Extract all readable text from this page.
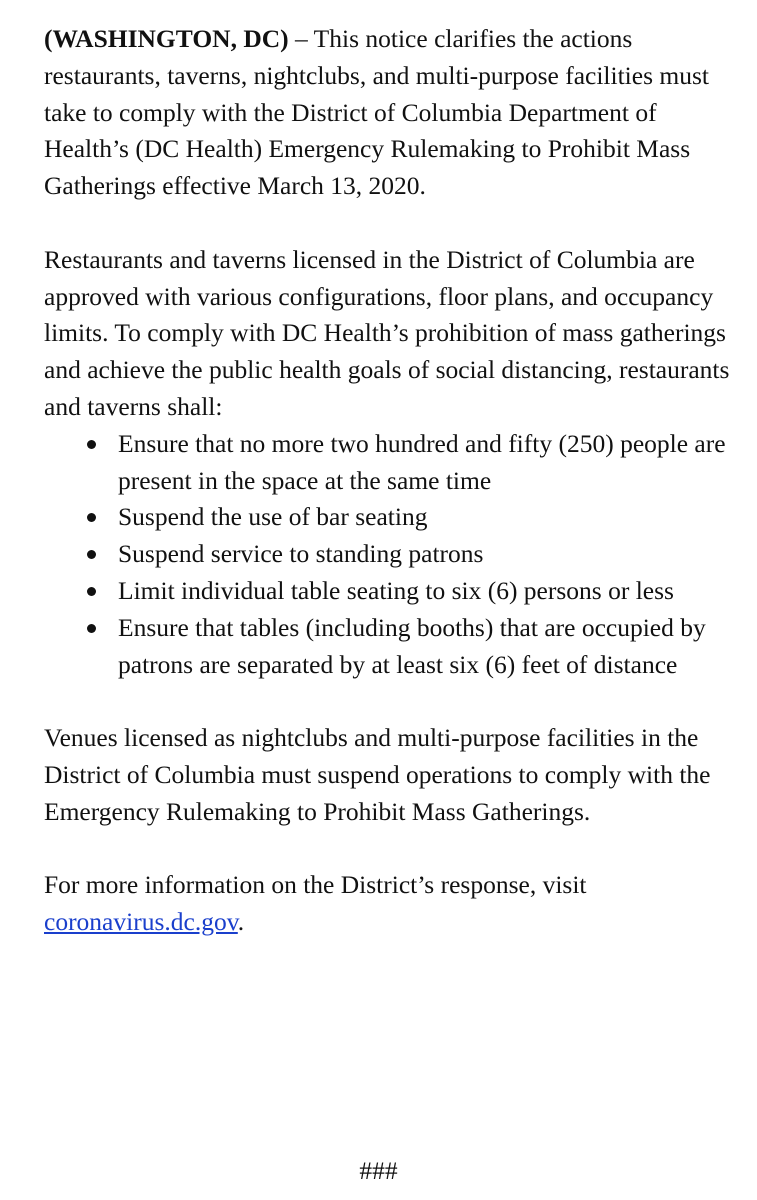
(WASHINGTON, DC) – This notice clarifies the actions restaurants, taverns, nightclubs, and multi-purpose facilities must take to comply with the District of Columbia Department of Health’s (DC Health) Emergency Rulemaking to Prohibit Mass Gatherings effective March 13, 2020.

Restaurants and taverns licensed in the District of Columbia are approved with various configurations, floor plans, and occupancy limits. To comply with DC Health’s prohibition of mass gatherings and achieve the public health goals of social distancing, restaurants and taverns shall:

Ensure that no more two hundred and fifty (250) people are present in the space at the same time
Suspend the use of bar seating
Suspend service to standing patrons
Limit individual table seating to six (6) persons or less
Ensure that tables (including booths) that are occupied by patrons are separated by at least six (6) feet of distance

Venues licensed as nightclubs and multi-purpose facilities in the District of Columbia must suspend operations to comply with the Emergency Rulemaking to Prohibit Mass Gatherings.

For more information on the District’s response, visit coronavirus.dc.gov.

###
